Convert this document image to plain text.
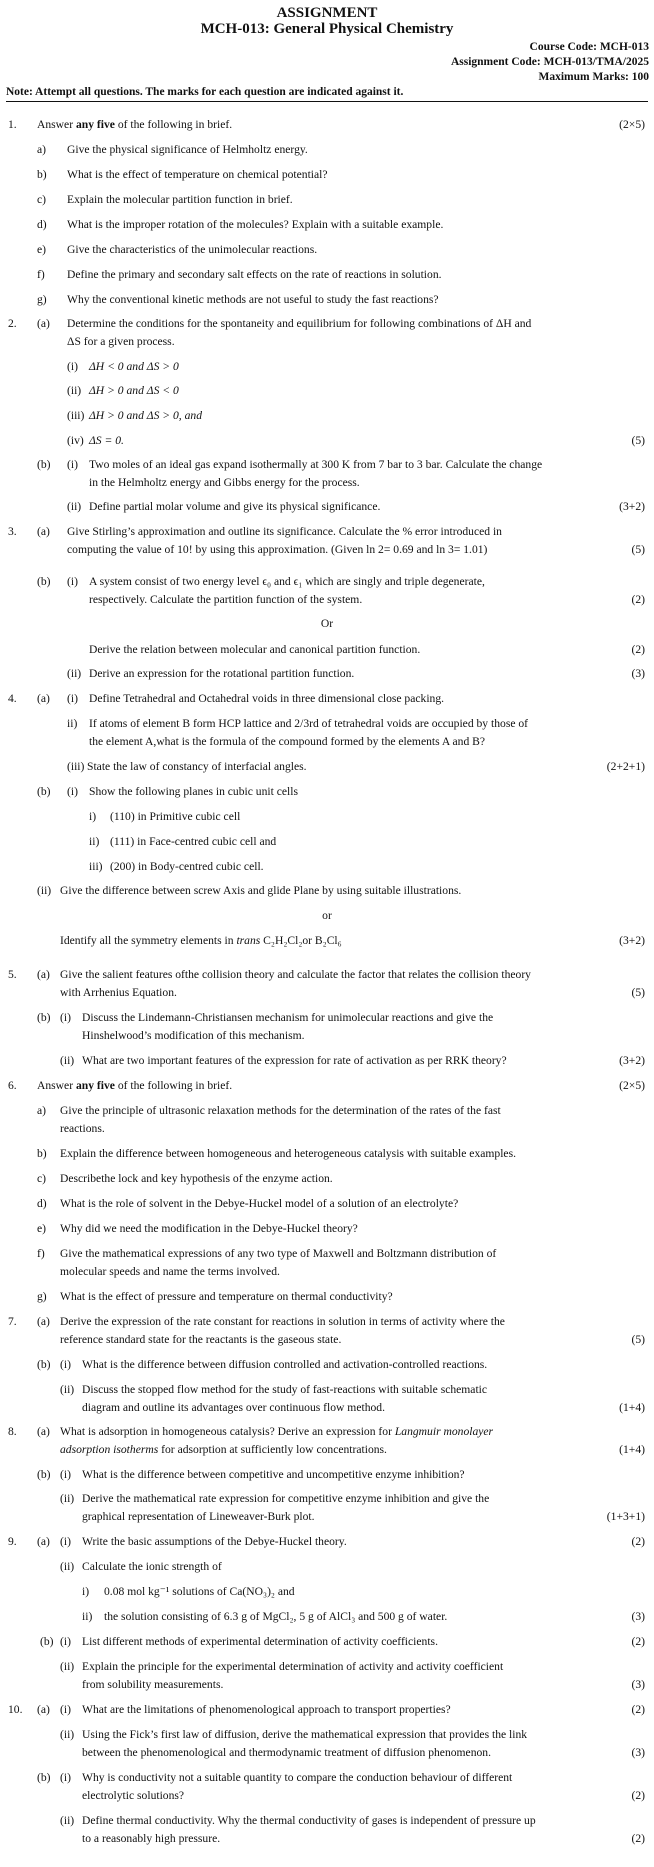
ASSIGNMENT
MCH-013: General Physical Chemistry
Course Code: MCH-013
Assignment Code: MCH-013/TMA/2025
Maximum Marks: 100
Note: Attempt all questions. The marks for each question are indicated against it.
1. Answer any five of the following in brief.	(2×5)
a) Give the physical significance of Helmholtz energy.
b) What is the effect of temperature on chemical potential?
c) Explain the molecular partition function in brief.
d) What is the improper rotation of the molecules? Explain with a suitable example.
e) Give the characteristics of the unimolecular reactions.
f) Define the primary and secondary salt effects on the rate of reactions in solution.
g) Why the conventional kinetic methods are not useful to study the fast reactions?
2. (a) Determine the conditions for the spontaneity and equilibrium for following combinations of ΔH and
ΔS for a given process.
(i) ΔH < 0 and ΔS > 0
(ii) ΔH > 0 and ΔS < 0
(iii) ΔH > 0 and ΔS > 0, and
(iv) ΔS = 0.	(5)
(b) (i) Two moles of an ideal gas expand isothermally at 300 K from 7 bar to 3 bar. Calculate the change
in the Helmholtz energy and Gibbs energy for the process.
(ii) Define partial molar volume and give its physical significance.	(3+2)
3. (a) Give Stirling’s approximation and outline its significance. Calculate the % error introduced in
computing the value of 10! by using this approximation. (Given ln 2= 0.69 and ln 3= 1.01)	(5)
(b) (i) A system consist of two energy level ϵ₀ and ϵ₁ which are singly and triple degenerate,
respectively. Calculate the partition function of the system.	(2)
Or
Derive the relation between molecular and canonical partition function.	(2)
(ii) Derive an expression for the rotational partition function.	(3)
4. (a) (i) Define Tetrahedral and Octahedral voids in three dimensional close packing.
ii) If atoms of element B form HCP lattice and 2/3rd of tetrahedral voids are occupied by those of
the element A,what is the formula of the compound formed by the elements A and B?
(iii) State the law of constancy of interfacial angles.	(2+2+1)
(b) (i) Show the following planes in cubic unit cells
i) (110) in Primitive cubic cell
ii) (111) in Face-centred cubic cell and
iii) (200) in Body-centred cubic cell.
(ii) Give the difference between screw Axis and glide Plane by using suitable illustrations.
or
Identify all the symmetry elements in trans C₂H₂Cl₂or B₂Cl₆	(3+2)
5. (a) Give the salient features ofthe collision theory and calculate the factor that relates the collision theory
with Arrhenius Equation.	(5)
(b) (i) Discuss the Lindemann-Christiansen mechanism for unimolecular reactions and give the
Hinshelwood’s modification of this mechanism.
(ii) What are two important features of the expression for rate of activation as per RRK theory?	(3+2)
6. Answer any five of the following in brief.	(2×5)
a) Give the principle of ultrasonic relaxation methods for the determination of the rates of the fast
reactions.
b) Explain the difference between homogeneous and heterogeneous catalysis with suitable examples.
c) Describethe lock and key hypothesis of the enzyme action.
d) What is the role of solvent in the Debye-Huckel model of a solution of an electrolyte?
e) Why did we need the modification in the Debye-Huckel theory?
f) Give the mathematical expressions of any two type of Maxwell and Boltzmann distribution of
molecular speeds and name the terms involved.
g) What is the effect of pressure and temperature on thermal conductivity?
7. (a) Derive the expression of the rate constant for reactions in solution in terms of activity where the
reference standard state for the reactants is the gaseous state.	(5)
(b) (i) What is the difference between diffusion controlled and activation-controlled reactions.
(ii) Discuss the stopped flow method for the study of fast-reactions with suitable schematic
diagram and outline its advantages over continuous flow method.	(1+4)
8. (a) What is adsorption in homogeneous catalysis? Derive an expression for Langmuir monolayer
adsorption isotherms for adsorption at sufficiently low concentrations.	(1+4)
(b) (i) What is the difference between competitive and uncompetitive enzyme inhibition?
(ii) Derive the mathematical rate expression for competitive enzyme inhibition and give the
graphical representation of Lineweaver-Burk plot.	(1+3+1)
9. (a) (i) Write the basic assumptions of the Debye-Huckel theory.	(2)
(ii) Calculate the ionic strength of
i) 0.08 mol kg⁻¹ solutions of Ca(NO₃)₂ and
ii) the solution consisting of 6.3 g of MgCl₂, 5 g of AlCl₃ and 500 g of water.	(3)
(b) (i) List different methods of experimental determination of activity coefficients.	(2)
(ii) Explain the principle for the experimental determination of activity and activity coefficient
from solubility measurements.	(3)
10. (a) (i) What are the limitations of phenomenological approach to transport properties?	(2)
(ii) Using the Fick’s first law of diffusion, derive the mathematical expression that provides the link
between the phenomenological and thermodynamic treatment of diffusion phenomenon.	(3)
(b) (i) Why is conductivity not a suitable quantity to compare the conduction behaviour of different
electrolytic solutions?	(2)
(ii) Define thermal conductivity. Why the thermal conductivity of gases is independent of pressure up
to a reasonably high pressure.	(2)
